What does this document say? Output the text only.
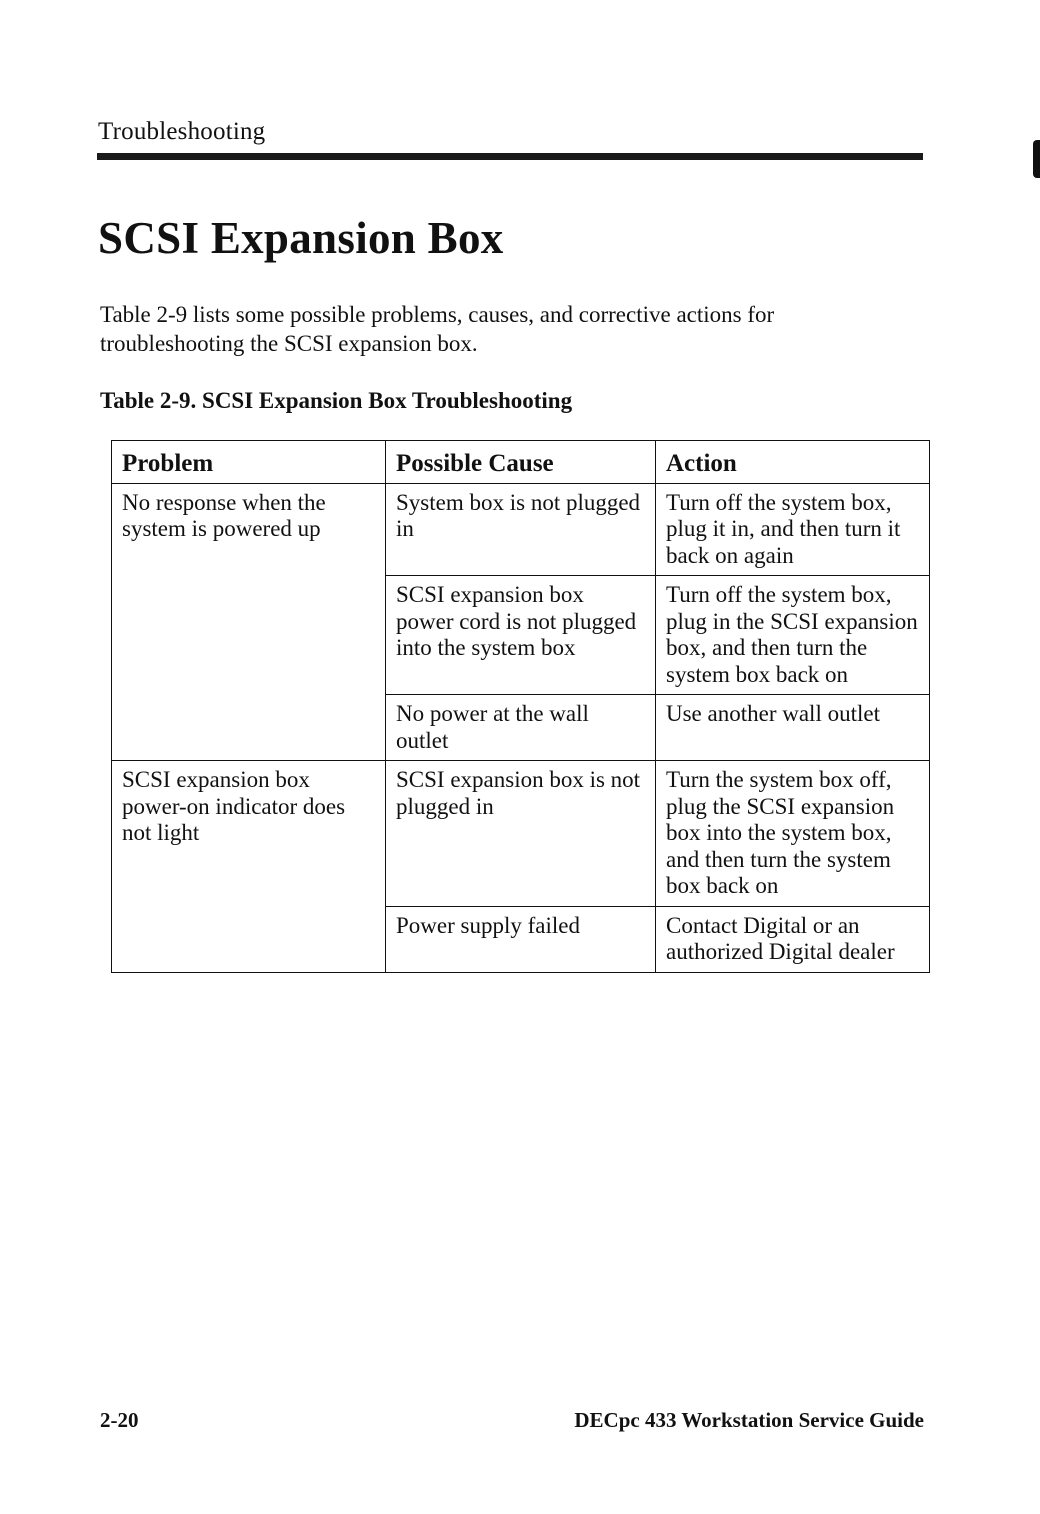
Troubleshooting
SCSI Expansion Box

Table 2-9 lists some possible problems, causes, and corrective actions for troubleshooting the SCSI expansion box.

Table 2-9. SCSI Expansion Box Troubleshooting

Problem	Possible Cause	Action

No response when the system is powered up	System box is not plugged in	Turn off the system box, plug it in, and then turn it back on again

	SCSI expansion box power cord is not plugged into the system box	Turn off the system box, plug in the SCSI expansion box, and then turn the system box back on

	No power at the wall outlet	Use another wall outlet

SCSI expansion box power-on indicator does not light	SCSI expansion box is not plugged in	Turn the system box off, plug the SCSI expansion box into the system box, and then turn the system box back on

	Power supply failed	Contact Digital or an authorized Digital dealer
2-20	DECpc 433 Workstation Service Guide
